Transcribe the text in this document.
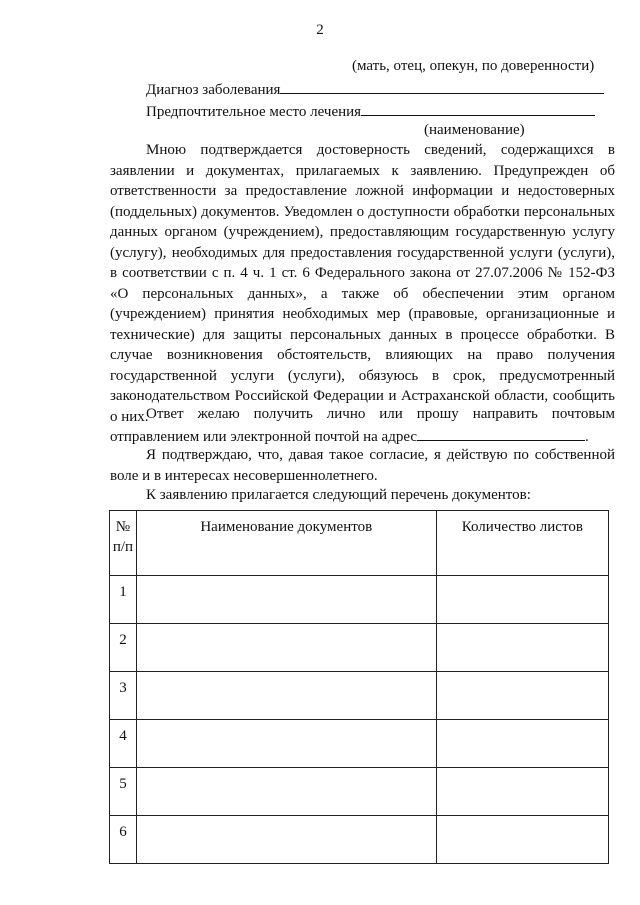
2
(мать, отец, опекун, по доверенности)
Диагноз заболевания
Предпочтительное место лечения
(наименование)
Мною подтверждается достоверность сведений, содержащихся в заявлении и документах, прилагаемых к заявлению. Предупрежден об ответственности за предоставление ложной информации и недостоверных (поддельных) документов. Уведомлен о доступности обработки персональных данных органом (учреждением), предоставляющим государственную услугу (услугу), необходимых для предоставления государственной услуги (услуги), в соответствии с п. 4 ч. 1 ст. 6 Федерального закона от 27.07.2006 № 152-ФЗ «О персональных данных», а также об обеспечении этим органом (учреждением) принятия необходимых мер (правовые, организационные и технические) для защиты персональных данных в процессе обработки. В случае возникновения обстоятельств, влияющих на право получения государственной услуги (услуги), обязуюсь в срок, предусмотренный законодательством Российской Федерации и Астраханской области, сообщить о них.
Ответ желаю получить лично или прошу направить почтовым отправлением или электронной почтой на адрес	.
Я подтверждаю, что, давая такое согласие, я действую по собственной воле и в интересах несовершеннолетнего.
К заявлению прилагается следующий перечень документов:
№ п/п	Наименование документов	Количество листов
1		
2		
3		
4		
5		
6		
